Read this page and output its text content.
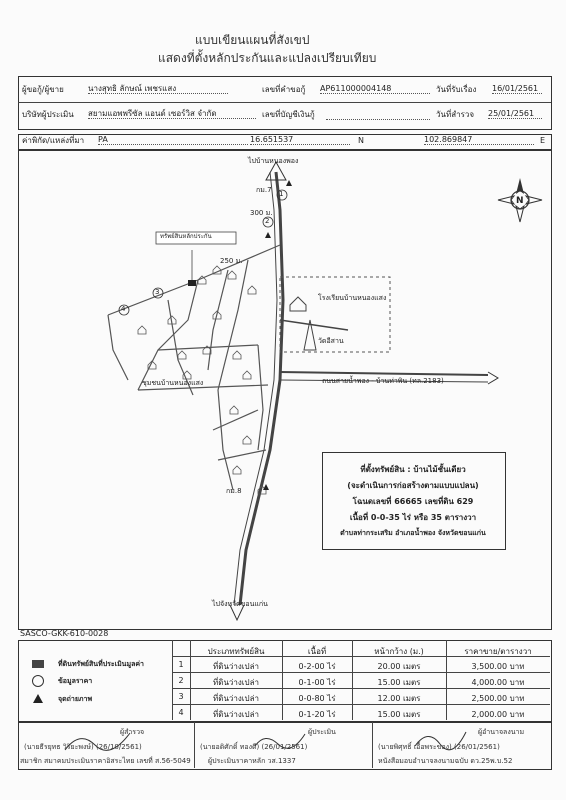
แบบเขียนแผนที่สังเขป
แสดงที่ตั้งหลักประกันและแปลงเปรียบเทียบ
ผู้ขอกู้/ผู้ขาย	นางสุทธิ ลักษณ์ เพชรแสง	เลขที่คำขอกู้ AP611000004148	วันที่รับเรื่อง 16/01/2561
บริษัทผู้ประเมิน สยามแอพพรีซัล แอนด์ เซอร์วิส จำกัด	เลขที่บัญชีเงินกู้	วันที่สำรวจ 25/01/2561
ค่าพิกัด/แหล่งที่มา PA	16.651537	N	102.869847	E
ไปบ้านหนองพอง
ไปจังหวัดขอนแก่น
ทรัพย์สินหลักประกัน
โรงเรียนบ้านหนองแสง
วัดอีสาน
ชุมชนบ้านหนองแสง	ถนนสายน้ำพอง - บ้านท่าพิน (ทล.2183)
300 ม.
250 ม.
กม.7
กม.8
N
1
2
3
4
ที่ตั้งทรัพย์สิน : บ้านไม้ชั้นเดียว
(จะดำเนินการก่อสร้างตามแบบแปลน)
โฉนดเลขที่ 66665 เลขที่ดิน 629
เนื้อที่ 0-0-35 ไร่ หรือ 35 ตารางวา
ตำบลท่ากระเสริม อำเภอน้ำพอง จังหวัดขอนแก่น
SASCO-GKK-610-0028
ที่ดินทรัพย์สินที่ประเมินมูลค่า
ข้อมูลราคา
จุดถ่ายภาพ
ประเภททรัพย์สิน	เนื้อที่	หน้ากว้าง (ม.)	ราคาขาย/ตารางวา
1	ที่ดินว่างเปล่า	0-2-00 ไร่	20.00 เมตร	3,500.00 บาท
2	ที่ดินว่างเปล่า	0-1-00 ไร่	15.00 เมตร	4,000.00 บาท
3	ที่ดินว่างเปล่า	0-0-80 ไร่	12.00 เมตร	2,500.00 บาท
4	ที่ดินว่างเปล่า	0-1-20 ไร่	15.00 เมตร	2,000.00 บาท
ผู้สำรวจ
(นายธีรยุทธ วิริยะพงษ์) (26/10/2561)
สมาชิก สมาคมประเมินราคาอิสระไทย เลขที่ ส.56-5049
ผู้ประเมิน
(นายอดิศักดิ์ ทองดี) (26/01/2561)
ผู้ประเมินราคาหลัก วส.1337
ผู้อำนาจลงนาม
(นายพิศุทธิ์ เอื้อพระของ) (26/01/2561)
หนังสือมอบอำนาจลงนามฉบับ ดว.25พ.บ.52
